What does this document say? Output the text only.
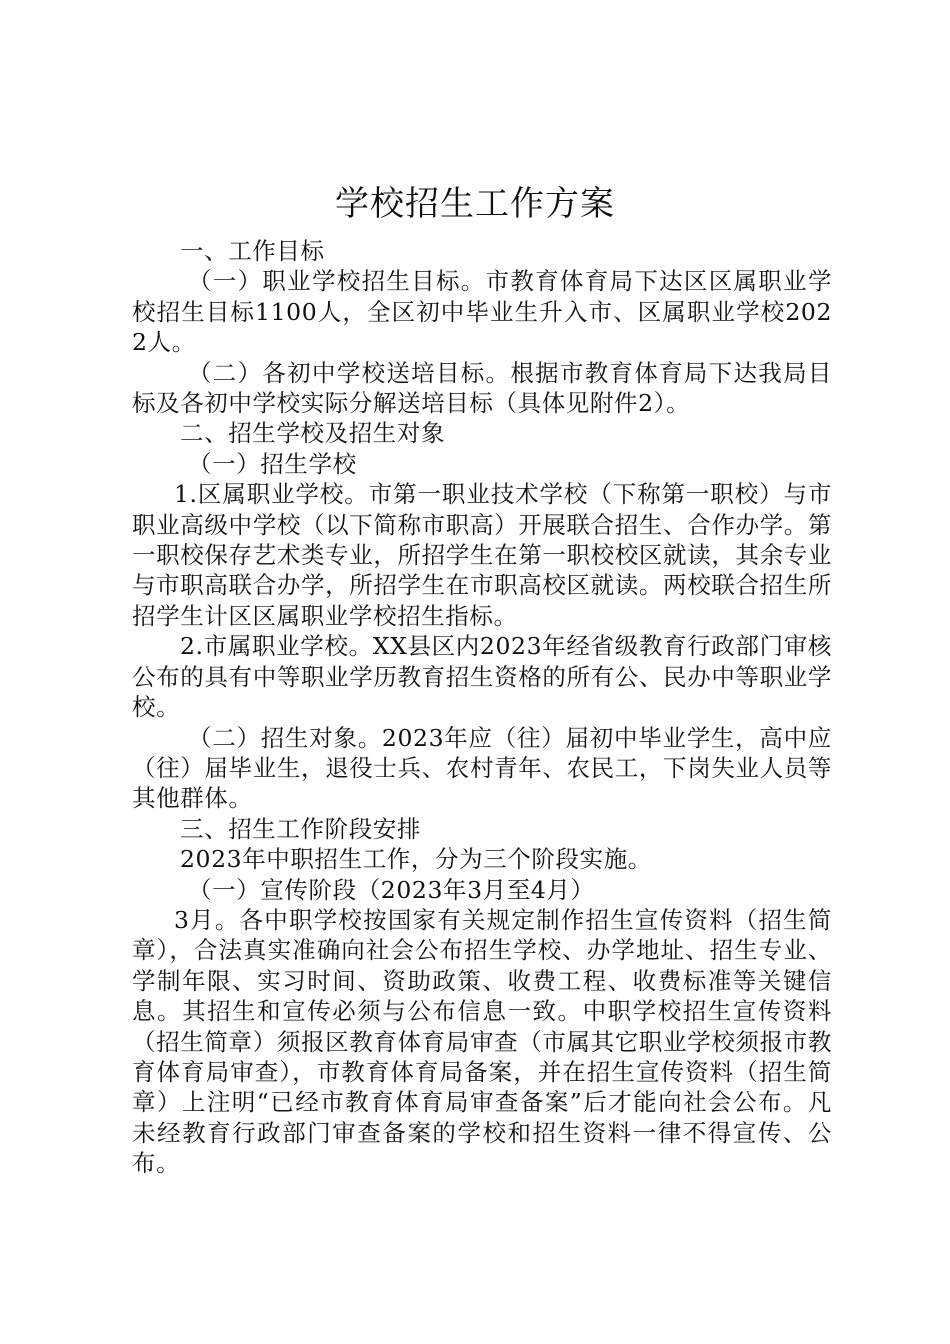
学校招生工作方案

一、工作目标

（一）职业学校招生目标。市教育体育局下达区区属职业学校招生目标1100人，全区初中毕业生升入市、区属职业学校2022人。

（二）各初中学校送培目标。根据市教育体育局下达我局目标及各初中学校实际分解送培目标（具体见附件2）。

二、招生学校及招生对象

（一）招生学校

1.区属职业学校。市第一职业技术学校（下称第一职校）与市职业高级中学校（以下简称市职高）开展联合招生、合作办学。第一职校保存艺术类专业，所招学生在第一职校校区就读，其余专业与市职高联合办学，所招学生在市职高校区就读。两校联合招生所招学生计区区属职业学校招生指标。

2.市属职业学校。XX县区内2023年经省级教育行政部门审核公布的具有中等职业学历教育招生资格的所有公、民办中等职业学校。

（二）招生对象。2023年应（往）届初中毕业学生，高中应（往）届毕业生，退役士兵、农村青年、农民工，下岗失业人员等其他群体。

三、招生工作阶段安排

2023年中职招生工作，分为三个阶段实施。

（一）宣传阶段（2023年3月至4月）

3月。各中职学校按国家有关规定制作招生宣传资料（招生简章），合法真实准确向社会公布招生学校、办学地址、招生专业、学制年限、实习时间、资助政策、收费工程、收费标准等关键信息。其招生和宣传必须与公布信息一致。中职学校招生宣传资料（招生简章）须报区教育体育局审查（市属其它职业学校须报市教育体育局审查），市教育体育局备案，并在招生宣传资料（招生简章）上注明“已经市教育体育局审查备案”后才能向社会公布。凡未经教育行政部门审查备案的学校和招生资料一律不得宣传、公布。
